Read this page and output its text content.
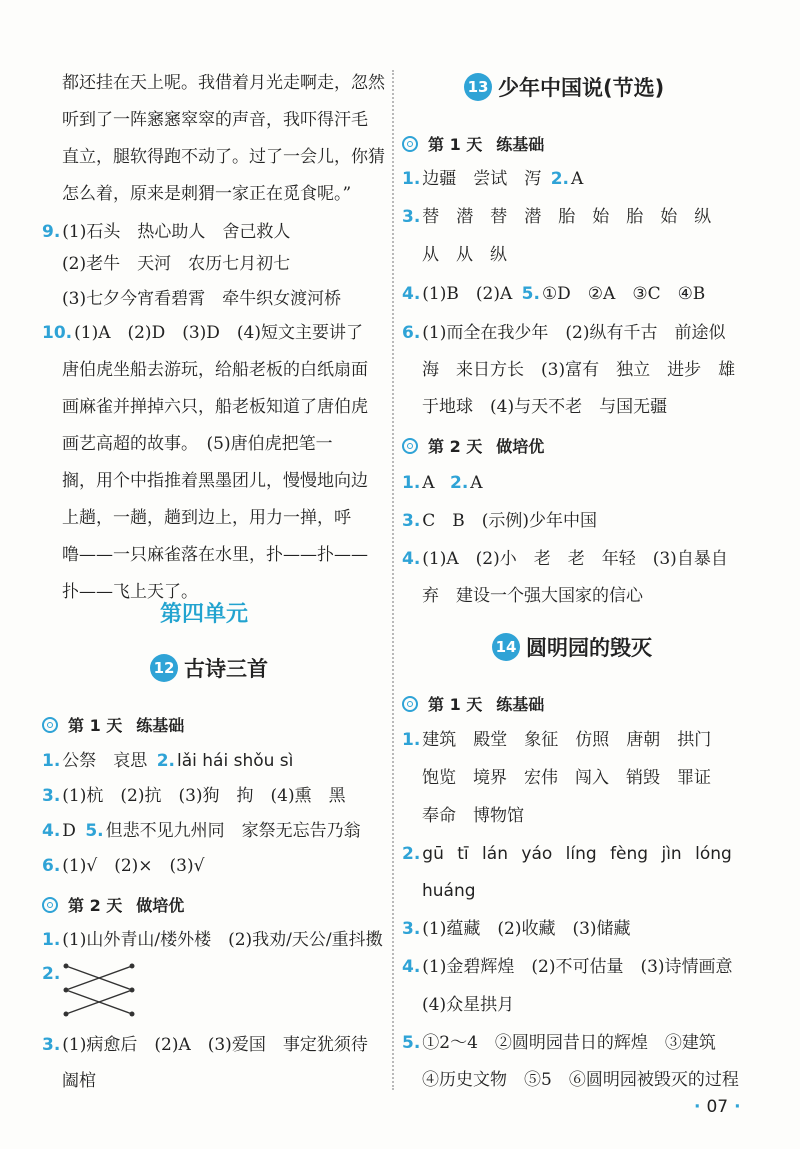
都还挂在天上呢。我借着月光走啊走，忽然
听到了一阵窸窸窣窣的声音，我吓得汗毛
直立，腿软得跑不动了。过了一会儿，你猜
怎么着，原来是刺猬一家正在觅食呢。”
9. (1)石头　热心助人　舍己救人
(2)老牛　天河　农历七月初七
(3)七夕今宵看碧霄　牵牛织女渡河桥
10. (1)A　(2)D　(3)D　(4)短文主要讲了
唐伯虎坐船去游玩，给船老板的白纸扇面
画麻雀并掸掉六只，船老板知道了唐伯虎
画艺高超的故事。　(5)唐伯虎把笔一
搁，用个中指推着黑墨团儿，慢慢地向边
上趟，一趟，趟到边上，用力一掸，呼
噜——一只麻雀落在水里，扑——扑——
扑——飞上天了。
第四单元
12 古诗三首
第 1 天 练基础
1. 公祭　哀思 2. lǎi hái shǒu sì
3. (1)杭　(2)抗　(3)狗　拘　(4)熏　黑
4. D 5. 但悲不见九州同　家祭无忘告乃翁
6. (1)√　(2)×　(3)√
第 2 天 做培优
1. (1)山外青山/楼外楼　(2)我劝/天公/重抖擞
2.
3. (1)病愈后　(2)A　(3)爱国　事定犹须待
阖棺
13 少年中国说(节选)
第 1 天 练基础
1. 边疆　尝试　泻 2. A
3. 替　潜　替　潜　胎　始　胎　始　纵
从　从　纵
4. (1)B　(2)A 5. ①D　②A　③C　④B
6. (1)而全在我少年　(2)纵有千古　前途似
海　来日方长　(3)富有　独立　进步　雄
于地球　(4)与天不老　与国无疆
第 2 天 做培优
1. A 2. A
3. C　B　(示例)少年中国
4. (1)A　(2)小　老　老　年轻　(3)自暴自
弃　建设一个强大国家的信心
14 圆明园的毁灭
第 1 天 练基础
1. 建筑　殿堂　象征　仿照　唐朝　拱门
饱览　境界　宏伟　闯入　销毁　罪证
奉命　博物馆
2. gū tī lán yáo líng fèng jìn lóng
huáng
3. (1)蕴藏　(2)收藏　(3)储藏
4. (1)金碧辉煌　(2)不可估量　(3)诗情画意
(4)众星拱月
5. ①2～4　②圆明园昔日的辉煌　③建筑
④历史文物　⑤5　⑥圆明园被毁灭的过程
· 07 ·
